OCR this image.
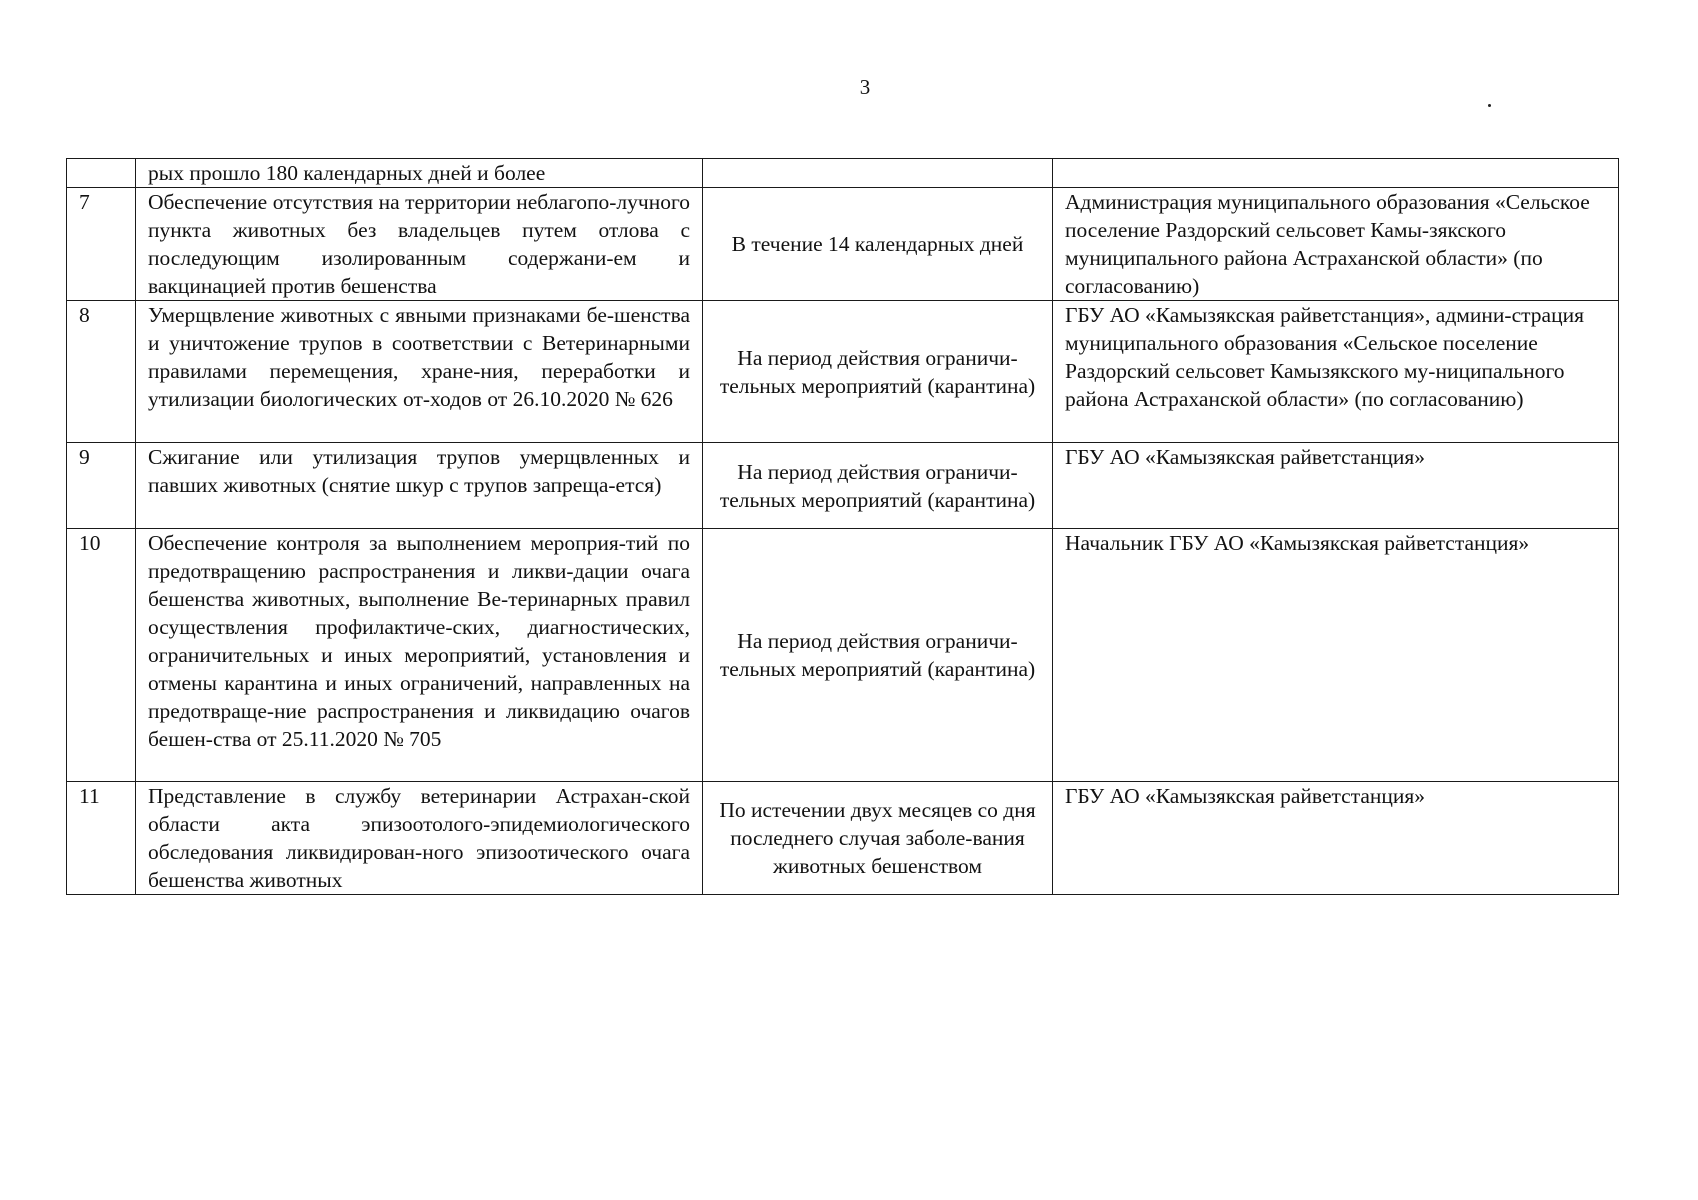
3
	рых прошло 180 календарных дней и более		
7	Обеспечение отсутствия на территории неблагопо-лучного пункта животных без владельцев путем отлова с последующим изолированным содержани-ем и вакцинацией против бешенства	В течение 14 календарных дней	Администрация муниципального образования «Сельское поселение Раздорский сельсовет Камы-зякского муниципального района Астраханской области» (по согласованию)
8	Умерщвление животных с явными признаками бе-шенства и уничтожение трупов в соответствии с Ветеринарными правилами перемещения, хране-ния, переработки и утилизации биологических от-ходов от 26.10.2020 № 626	На период действия ограничи-тельных мероприятий (карантина)	ГБУ АО «Камызякская райветстанция», админи-страция муниципального образования «Сельское поселение Раздорский сельсовет Камызякского му-ниципального района Астраханской области» (по согласованию)
9	Сжигание или утилизация трупов умерщвленных и павших животных (снятие шкур с трупов запреща-ется)	На период действия ограничи-тельных мероприятий (карантина)	ГБУ АО «Камызякская райветстанция»
10	Обеспечение контроля за выполнением мероприя-тий по предотвращению распространения и ликви-дации очага бешенства животных, выполнение Ве-теринарных правил осуществления профилактиче-ских, диагностических, ограничительных и иных мероприятий, установления и отмены карантина и иных ограничений, направленных на предотвраще-ние распространения и ликвидацию очагов бешен-ства от 25.11.2020 № 705	На период действия ограничи-тельных мероприятий (карантина)	Начальник ГБУ АО «Камызякская райветстанция»
11	Представление в службу ветеринарии Астрахан-ской области акта эпизоотолого-эпидемиологического обследования ликвидирован-ного эпизоотического очага бешенства животных	По истечении двух месяцев со дня последнего случая заболе-вания животных бешенством	ГБУ АО «Камызякская райветстанция»
